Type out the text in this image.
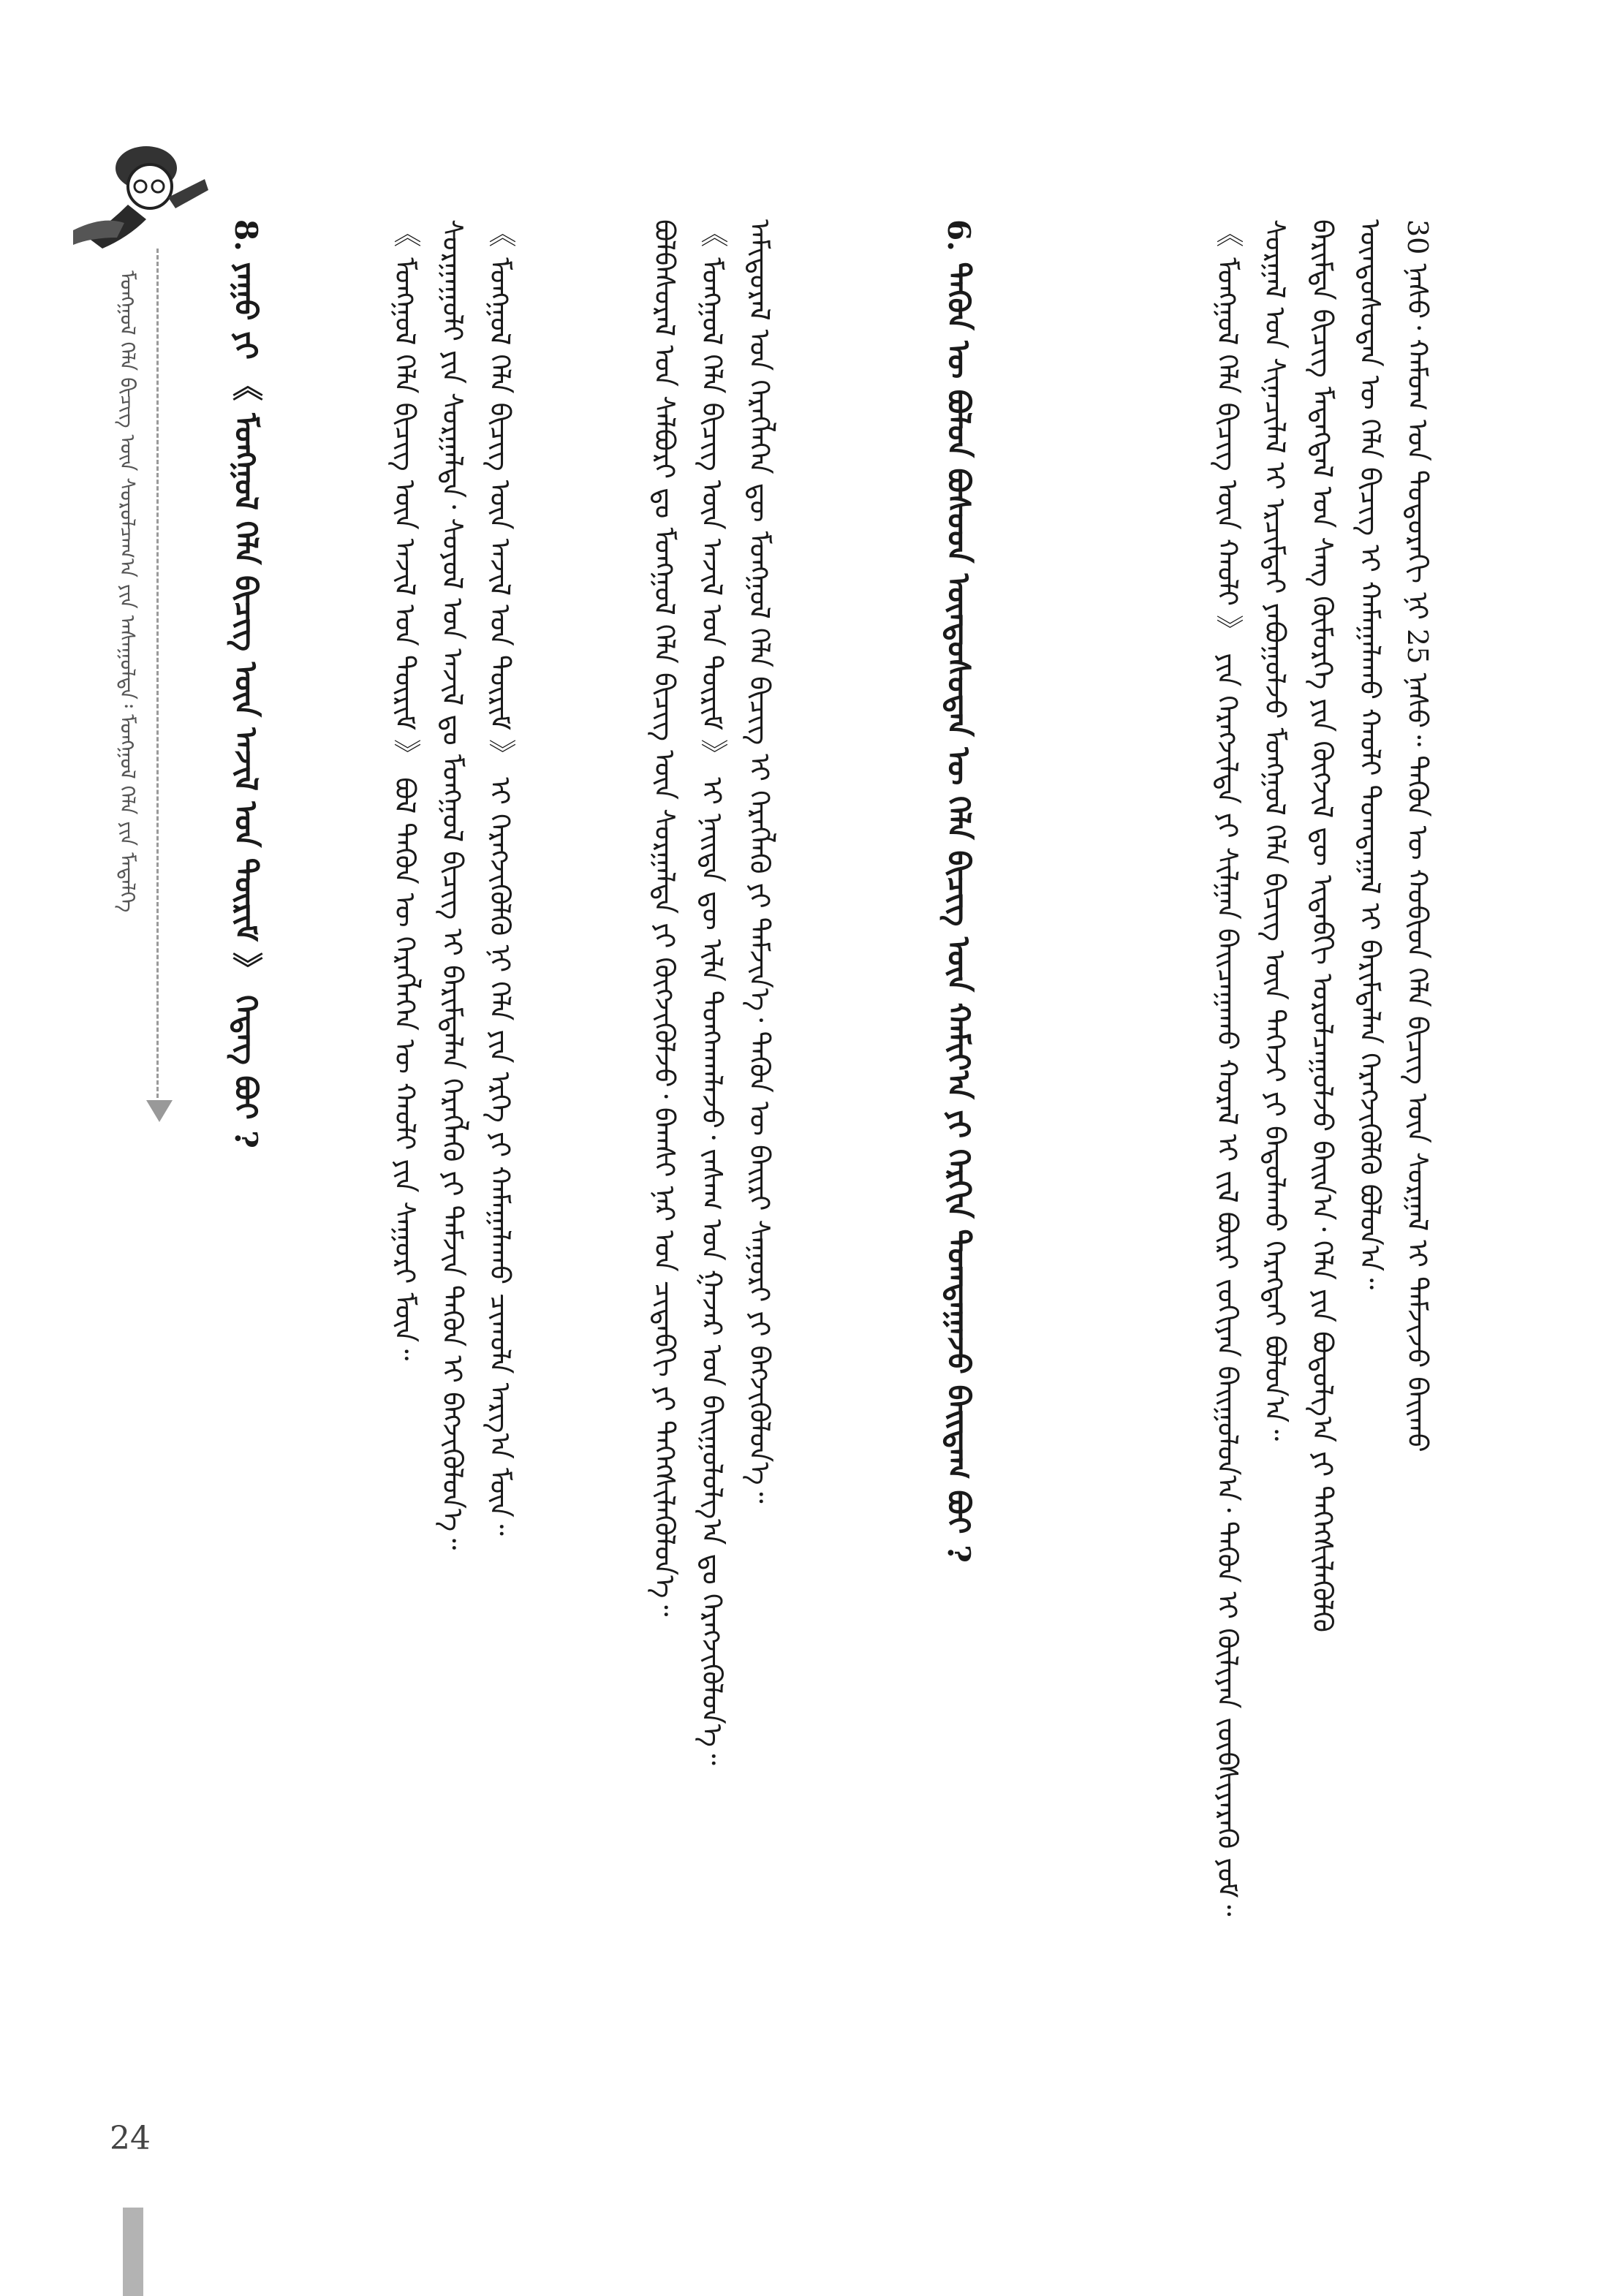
ᠮᠣᠩᠭᠣᠯ ᠬᠡᠯᠡ ᠪᠢᠴᠢᠭ᠌ ᠦᠨ ᠰᠤᠷᠤᠯᠴᠠᠭ᠎ᠠ ᠶᠢᠨ ᠠᠰᠠᠭᠤᠯᠲᠠ᠄ ᠮᠣᠩᠭᠣᠯ ᠬᠡᠯᠡ ᠶᠢᠨ ᠮᠡᠳᠡᠯᠭᠡ	30 ᠨᠠᠰᠤ᠂ ᠬᠠᠮᠤᠭ ᠤᠨ ᠳᠤᠳᠤᠷᠠᠬᠢ ᠨᠢ 25 ᠨᠠᠰᠤ᠃ ᠲᠡᠭᠦᠨ ᠦ ᠬᠤᠪᠢᠳ ᠬᠡᠯᠡ ᠪᠢᠴᠢᠭ᠌ ᠦᠨ ᠰᠤᠷᠭᠠᠯ ᠢ ᠳᠡᠮᠵᠢᠵᠦ ᠪᠠᠢᠬᠤ
ᠦᠨᠳᠦᠰᠦᠲᠡᠨ ᠦ ᠬᠡᠯᠡ ᠪᠢᠴᠢᠭ᠌ ᠢ ᠬᠠᠮᠠᠭᠠᠯᠠᠬᠤ ᠬᠠᠤᠯᠢ ᠲᠣᠭᠲᠠᠭᠠᠯ ᠢ ᠪᠠᠷᠢᠮᠲᠠᠯᠠᠨ ᠬᠡᠷᠡᠭᠵᠢᠭᠦᠯᠬᠦ ᠪᠣᠯᠤᠨ᠎ᠠ᠃
ᠪᠠᠷᠢᠮᠲᠠ ᠪᠢᠴᠢᠭ᠌ ᠮᠡᠳᠡᠭᠳᠡᠯ ᠤᠨ ᠰᠠᠩ ᠬᠥᠮᠥᠷᠭᠡ ᠶᠢᠨ ᠬᠥᠭᠵᠢᠯ ᠳᠦ ᠢᠳᠡᠪᠬᠢ ᠣᠷᠤᠯᠴᠠᠭᠤᠯᠵᠤ ᠪᠠᠢᠨ᠎ᠠ᠂ ᠬᠡᠯᠡ ᠶᠢᠨ ᠪᠣᠳᠣᠯᠭ᠎ᠠ ᠶᠢ ᠳᠡᠭᠡᠭᠰᠢᠯᠡᠭᠦᠯᠬᠦ
ᠰᠤᠷᠭᠠᠯ ᠤᠨ ᠰᠢᠨᠡᠴᠢᠯᠡᠯ ᠢ ᠡᠷᠴᠢᠮᠲᠡᠢ ᠶᠠᠪᠤᠭᠤᠯᠵᠤ ᠮᠣᠩᠭᠣᠯ ᠬᠡᠯᠡ ᠪᠢᠴᠢᠭ᠌ ᠦᠨ ᠳᠡᠭᠡᠵᠢ ᠶᠢ ᠪᠠᠲᠤᠯᠠᠬᠤ ᠬᠡᠷᠡᠭᠲᠡᠢ ᠪᠣᠯᠤᠨ᠎ᠠ᠃
《 ᠮᠣᠩᠭᠣᠯ ᠬᠡᠯᠡ ᠪᠢᠴᠢᠭ᠌ ᠦᠨ ᠬᠠᠤᠯᠢ 》 ᠶᠢᠨ ᠬᠡᠷᠡᠭᠵᠢᠯᠲᠡ ᠶᠢ ᠰᠢᠯᠭᠠᠨ ᠪᠠᠢᠴᠠᠭᠠᠬᠤ ᠬᠤᠷᠠᠯ ᠢ ᠵᠢᠯ ᠪᠦᠷᠢ ᠵᠣᠬᠢᠶᠠᠨ ᠪᠠᠢᠭᠤᠯᠤᠨ᠎ᠠ᠂ ᠲᠡᠭᠦᠨ ᠢ ᠬᠦᠯᠢᠶᠡᠨ ᠵᠥᠪᠰᠢᠶᠡᠷᠡᠬᠦ ᠶᠤᠮ᠃
6. ᠲᠡᠭᠦᠨ ᠦ ᠪᠣᠯᠤᠨ ᠪᠤᠰᠤᠳ ᠦᠨᠳᠦᠰᠦᠲᠡᠨ ᠦ ᠬᠡᠯᠡ ᠪᠢᠴᠢᠭ᠌ ᠦᠨ ᠬᠠᠮᠢᠶ᠎ᠠ ᠶᠢ ᠬᠡᠷᠬᠢᠨ ᠲᠣᠭᠲᠠᠭᠠᠵᠤ ᠪᠠᠢᠳᠠᠭ ᠪᠤᠢ ?
ᠠᠮᠢᠳᠤᠷᠠᠯ ᠤᠨ ᠬᠡᠷᠡᠭᠯᠡᠭᠡᠨ ᠳᠦ ᠮᠣᠩᠭᠣᠯ ᠬᠡᠯᠡ ᠪᠢᠴᠢᠭ᠌ ᠢ ᠬᠡᠷᠡᠭᠯᠡᠬᠦ ᠶᠢ ᠳᠡᠮᠵᠢᠨ᠎ᠡ᠂ ᠲᠡᠭᠦᠨ ᠦ ᠪᠠᠢᠷᠢ ᠰᠠᠭᠤᠷᠢ ᠶᠢ ᠪᠡᠬᠵᠢᠭᠦᠯᠦᠨ᠎ᠡ᠃
《 ᠮᠣᠩᠭᠣᠯ ᠬᠡᠯᠡ ᠪᠢᠴᠢᠭ᠌ ᠦᠨ ᠠᠵᠢᠯ ᠤᠨ ᠳᠦᠷᠢᠮ 》 ᠢ ᠨᠡᠢᠲᠡ ᠳᠦ ᠢᠯᠡ ᠲᠤᠩᠬᠠᠭᠯᠠᠵᠤ᠂ ᠵᠠᠰᠠᠭ ᠤᠨ ᠭᠠᠵᠠᠷ ᠤᠨ ᠪᠠᠢᠭᠤᠯᠤᠯᠭ᠎ᠠ ᠳᠤ ᠬᠡᠷᠡᠭᠵᠢᠭᠦᠯᠦᠨ᠎ᠡ᠃
ᠪᠣᠯᠪᠠᠰᠤᠷᠠᠯ ᠤᠨ ᠰᠠᠯᠪᠤᠷᠢ ᠳᠤ ᠮᠣᠩᠭᠣᠯ ᠬᠡᠯᠡ ᠪᠢᠴᠢᠭ᠌ ᠦᠨ ᠰᠤᠷᠭᠠᠯᠳᠠ ᠶᠢ ᠬᠦᠭᠵᠢᠭᠦᠯᠵᠦ᠂ ᠪᠠᠭᠰᠢ ᠨᠠᠷ ᠤᠨ ᠴᠢᠳᠠᠪᠬᠢ ᠶᠢ ᠳᠡᠭᠡᠭᠰᠢᠯᠡᠭᠦᠯᠦᠨ᠎ᠡ᠃
《 ᠮᠣᠩᠭᠣᠯ ᠬᠡᠯᠡ ᠪᠢᠴᠢᠭ᠌ ᠦᠨ ᠠᠵᠢᠯ ᠤᠨ ᠳᠦᠷᠢᠮ 》 ᠢ ᠬᠡᠷᠡᠭᠵᠢᠭᠦᠯᠬᠦ ᠨᠢ ᠬᠡᠯᠡ ᠶᠢᠨ ᠡᠷᠬᠡ ᠶᠢ ᠬᠠᠮᠠᠭᠠᠯᠠᠬᠤ ᠴᠢᠬᠤᠯᠠ ᠠᠷᠭ᠎ᠠ ᠮᠥᠨ᠃
ᠰᠤᠷᠭᠠᠭᠤᠯᠢ ᠶᠢᠨ ᠰᠤᠷᠭᠠᠯᠲᠠ᠂ ᠰᠣᠶᠣᠯ ᠤᠨ ᠠᠵᠢᠯ ᠳᠤ ᠮᠣᠩᠭᠣᠯ ᠪᠢᠴᠢᠭ᠌ ᠢ ᠪᠠᠷᠢᠮᠲᠠᠯᠠᠨ ᠬᠡᠷᠡᠭᠯᠡᠬᠦ ᠶᠢ ᠳᠡᠮᠵᠢᠨ ᠲᠡᠭᠦᠨ ᠢ ᠪᠡᠬᠵᠢᠭᠦᠯᠦᠨ᠎ᠡ᠃
《 ᠮᠣᠩᠭᠣᠯ ᠬᠡᠯᠡ ᠪᠢᠴᠢᠭ᠌ ᠦᠨ ᠠᠵᠢᠯ ᠤᠨ ᠳᠦᠷᠢᠮ 》 ᠪᠣᠯ ᠲᠡᠭᠦᠨ ᠦ ᠬᠡᠷᠡᠭᠯᠡᠭᠡᠨ ᠦ ᠬᠠᠤᠯᠢ ᠶᠢᠨ ᠰᠠᠭᠤᠷᠢ ᠮᠥᠨ᠃
8. ᠶᠠᠭᠤ ᠶᠢ 《 ᠮᠣᠩᠭᠣᠯ ᠬᠡᠯᠡ ᠪᠢᠴᠢᠭ᠌ ᠦᠨ ᠠᠵᠢᠯ ᠤᠨ ᠳᠦᠷᠢᠮ 》 ᠭᠡᠳᠡᠭ ᠪᠤᠢ ?
24
